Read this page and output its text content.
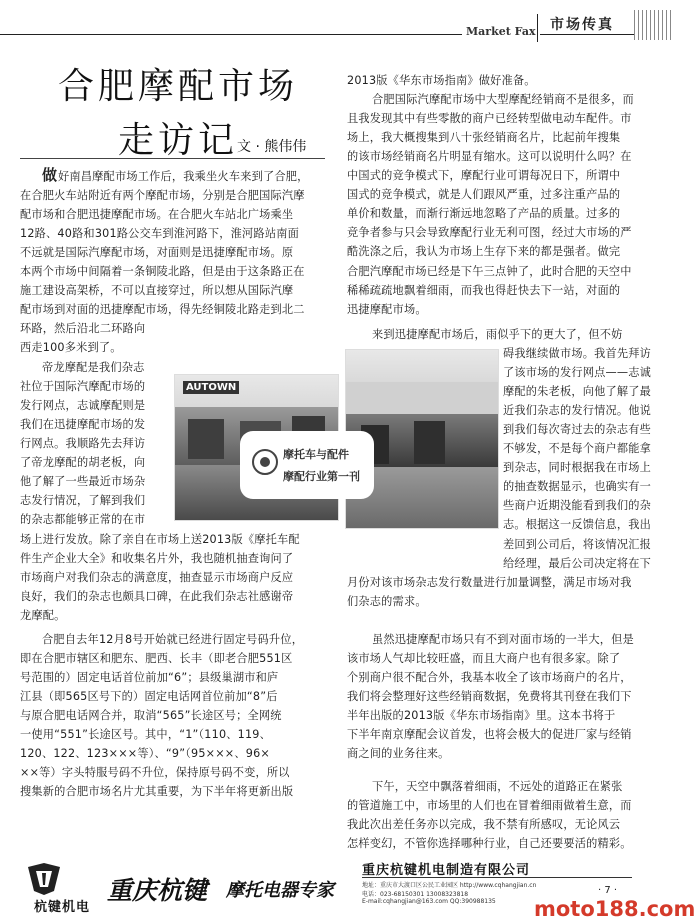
Market Fax 市场传真
合肥摩配市场
走访记
文 · 熊伟伟
做 好南昌摩配市场工作后，我乘坐火车来到了合肥，
在合肥火车站附近有两个摩配市场，分别是合肥国际汽摩
配市场和合肥迅捷摩配市场。在合肥火车站北广场乘坐
12路、40路和301路公交车到淮河路下，淮河路站南面
不远就是国际汽摩配市场，对面则是迅捷摩配市场。原
本两个市场中间隔着一条铜陵北路，但是由于这条路正在
施工建设高架桥，不可以直接穿过，所以想从国际汽摩
配市场到对面的迅捷摩配市场，得先经铜陵北路走到北二
环路，然后沿北二环路向
西走100多米到了。
帝龙摩配是我们杂志
社位于国际汽摩配市场的
发行网点，志诚摩配则是
我们在迅捷摩配市场的发
行网点。我顺路先去拜访
了帝龙摩配的胡老板，向
他了解了一些最近市场杂
志发行情况，了解到我们
的杂志都能够正常的在市
场上进行发放。除了亲自在市场上送2013版《摩托车配
件生产企业大全》和收集名片外，我也随机抽查询问了
市场商户对我们杂志的满意度，抽查显示市场商户反应
良好，我们的杂志也颇具口碑，在此我们杂志社感谢帝
龙摩配。
合肥自去年12月8号开始就已经进行固定号码升位，
即在合肥市辖区和肥东、肥西、长丰（即老合肥551区
号范围的）固定电话首位前加“6”；县级巢湖市和庐
江县（即565区号下的）固定电话网首位前加“8”后
与原合肥电话网合并，取消“565”长途区号；全网统
一使用“551”长途区号。其中，“1”（110、119、
120、122、123×××等）、“9”（95×××、96×
××等）字头特服号码不升位，保持原号码不变，所以
搜集新的合肥市场名片尤其重要，为下半年将更新出版
AUTOWN
摩托车与配件
摩配行业第一刊
2013版《华东市场指南》做好准备。
合肥国际汽摩配市场中大型摩配经销商不是很多，而
且我发现其中有些零散的商户已经转型做电动车配件。市
场上，我大概搜集到八十张经销商名片，比起前年搜集
的该市场经销商名片明显有缩水。这可以说明什么吗？在
中国式的竞争模式下，摩配行业可谓每况日下，所谓中
国式的竞争模式，就是人们跟风严重，过多注重产品的
单价和数量，而渐行渐远地忽略了产品的质量。过多的
竞争者参与只会导致摩配行业无利可图，经过大市场的严
酷洗涤之后，我认为市场上生存下来的都是强者。做完
合肥汽摩配市场已经是下午三点钟了，此时合肥的天空中
稀稀疏疏地飘着细雨，而我也得赶快去下一站，对面的
迅捷摩配市场。
来到迅捷摩配市场后，雨似乎下的更大了，但不妨
碍我继续做市场。我首先拜访
了该市场的发行网点——志诚
摩配的朱老板，向他了解了最
近我们杂志的发行情况。他说
到我们每次寄过去的杂志有些
不够发，不是每个商户都能拿
到杂志，同时根据我在市场上
的抽查数据显示，也确实有一
些商户近期没能看到我们的杂
志。根据这一反馈信息，我出
差回到公司后，将该情况汇报
给经理，最后公司决定将在下
月份对该市场杂志发行数量进行加量调整，满足市场对我
们杂志的需求。
虽然迅捷摩配市场只有不到对面市场的一半大，但是
该市场人气却比较旺盛，而且大商户也有很多家。除了
个别商户很不配合外，我基本收全了该市场商户的名片，
我们将会整理好这些经销商数据，免费将其刊登在我们下
半年出版的2013版《华东市场指南》里。这本书将于
下半年南京摩配会议首发，也将会极大的促进厂家与经销
商之间的业务往来。
下午，天空中飘落着细雨，不远处的道路正在紧张
的管道施工中，市场里的人们也在冒着细雨做着生意，而
我此次出差任务亦以完成，我不禁有所感叹，无论风云
怎样变幻，不管你选择哪种行业，自己还要要活的精彩。
杭键机电
重庆杭键 摩托电器专家
重庆杭键机电制造有限公司
地址：重庆市大渡口区公民工业园区 http://www.cqhangjian.cn
电话：023-68150301 13008323818
E-mail:cqhangjian@163.com QQ:390988135
· 7 ·
moto188.com
